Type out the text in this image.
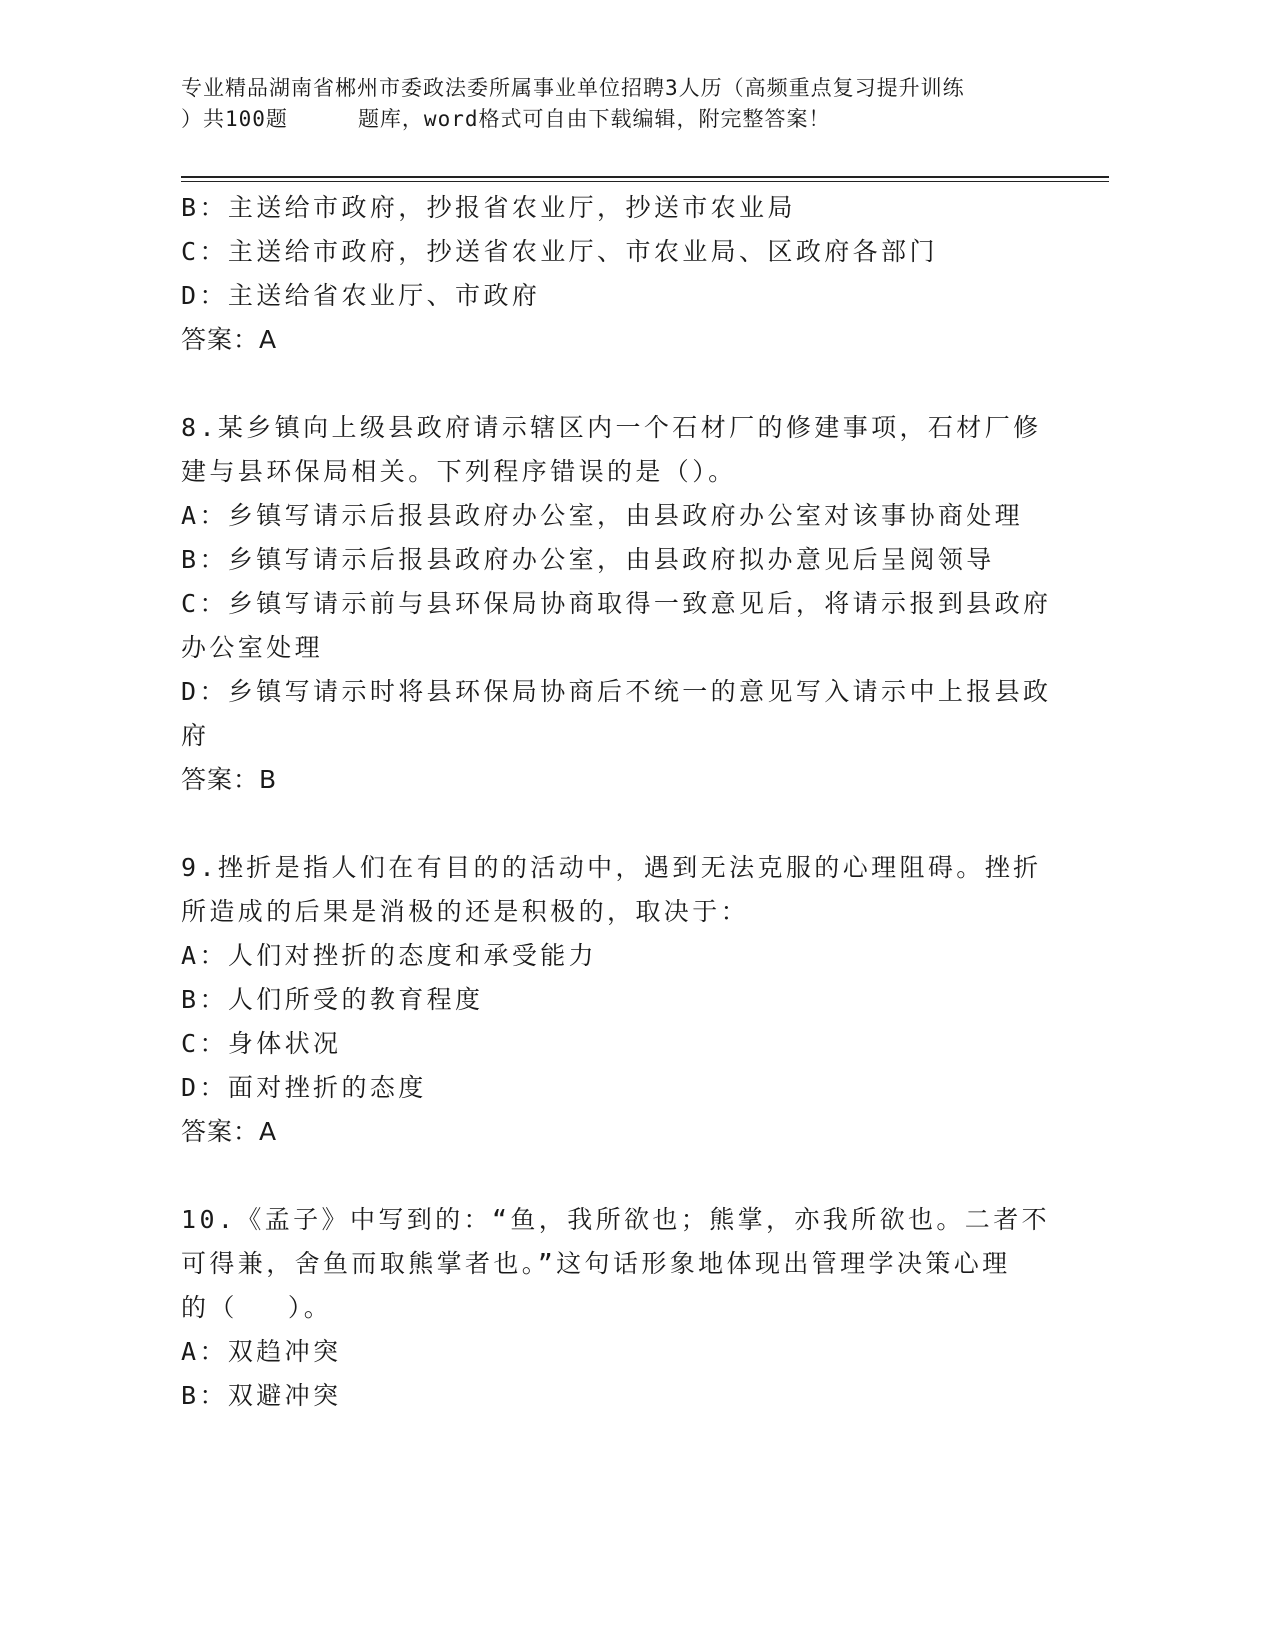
专业精品湖南省郴州市委政法委所属事业单位招聘3人历（高频重点复习提升训练
）共100题	题库，word格式可自由下载编辑，附完整答案！
B：主送给市政府，抄报省农业厅，抄送市农业局
C：主送给市政府，抄送省农业厅、市农业局、区政府各部门
D：主送给省农业厅、市政府
答案：A
8.某乡镇向上级县政府请示辖区内一个石材厂的修建事项，石材厂修
建与县环保局相关。下列程序错误的是（）。
A：乡镇写请示后报县政府办公室，由县政府办公室对该事协商处理
B：乡镇写请示后报县政府办公室，由县政府拟办意见后呈阅领导
C：乡镇写请示前与县环保局协商取得一致意见后，将请示报到县政府
办公室处理
D：乡镇写请示时将县环保局协商后不统一的意见写入请示中上报县政
府
答案：B
9.挫折是指人们在有目的的活动中，遇到无法克服的心理阻碍。挫折
所造成的后果是消极的还是积极的，取决于：
A：人们对挫折的态度和承受能力
B：人们所受的教育程度
C：身体状况
D：面对挫折的态度
答案：A
10.《孟子》中写到的：“鱼，我所欲也；熊掌，亦我所欲也。二者不
可得兼，舍鱼而取熊掌者也。”这句话形象地体现出管理学决策心理
的（ ）。
A：双趋冲突
B：双避冲突
